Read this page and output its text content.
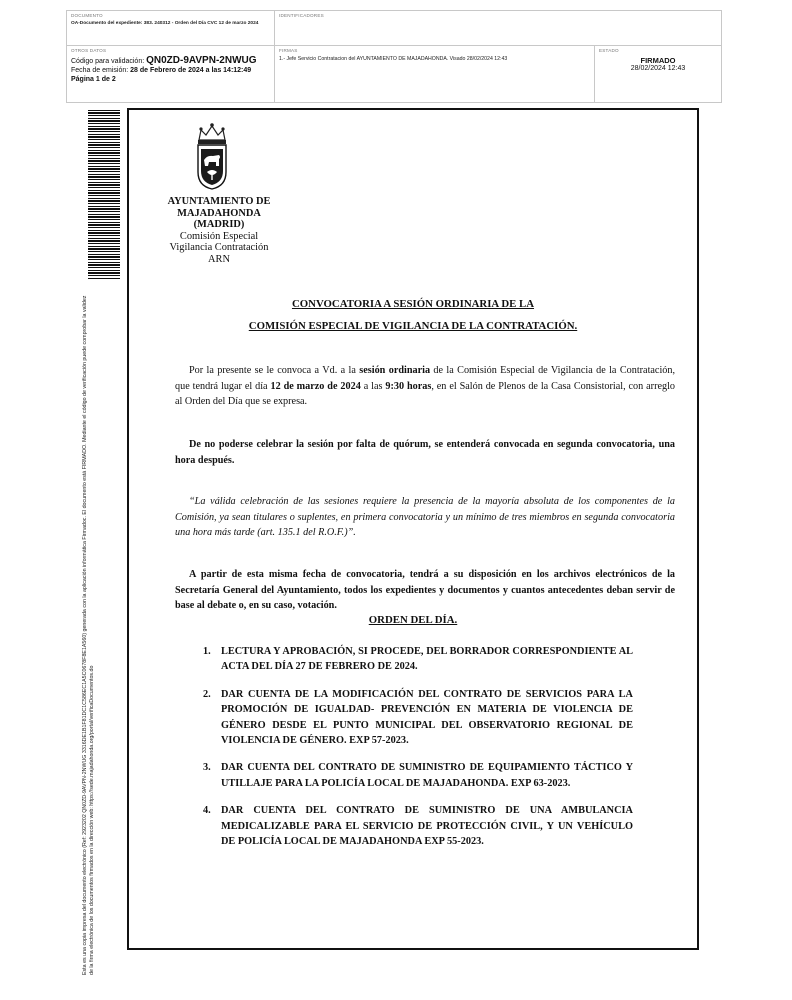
DOCUMENTO
OA-Documento del expediente: 383. 240312 - Orden del Día CVC 12 de marzo 2024
IDENTIFICADORES
OTROS DATOS
Código para validación: QN0ZD-9AVPN-2NWUG
Fecha de emisión: 28 de Febrero de 2024 a las 14:12:49
Página 1 de 2
FIRMAS
1.- Jefe Servicio Contratacion del AYUNTAMIENTO DE MAJADAHONDA. Visado 28/02/2024 12:43
ESTADO
FIRMADO
28/02/2024 12:43
Esta es una copia impresa del documento electrónico (Ref: 2923202 QN0ZD-9AVPN-2NWUG 3316DE1B1F81DC1C586EC1A5C0678F8E1A560) generada con la aplicación informática Firmadoc. El documento está FIRMADO. Mediante el código de verificación puede comprobar la validez de la firma electrónica de los documentos firmados en la dirección web: https://sede.majadahonda.org/portal/verificaDocumentos.do
AYUNTAMIENTO DE
MAJADAHONDA
(MADRID)
Comisión Especial
Vigilancia Contratación
ARN
CONVOCATORIA A SESIÓN ORDINARIA DE LA
COMISIÓN ESPECIAL DE VIGILANCIA DE LA CONTRATACIÓN.
Por la presente se le convoca a Vd. a la sesión ordinaria de la Comisión Especial de Vigilancia de la Contratación, que tendrá lugar el día 12 de marzo de 2024 a las 9:30 horas, en el Salón de Plenos de la Casa Consistorial, con arreglo al Orden del Día que se expresa.
De no poderse celebrar la sesión por falta de quórum, se entenderá convocada en segunda convocatoria, una hora después.
“La válida celebración de las sesiones requiere la presencia de la mayoría absoluta de los componentes de la Comisión, ya sean titulares o suplentes, en primera convocatoria y un mínimo de tres miembros en segunda convocatoria una hora más tarde (art. 135.1 del R.O.F.)”.
A partir de esta misma fecha de convocatoria, tendrá a su disposición en los archivos electrónicos de la Secretaría General del Ayuntamiento, todos los expedientes y documentos y cuantos antecedentes deban servir de base al debate o, en su caso, votación.
ORDEN DEL DÍA.
1. LECTURA Y APROBACIÓN, SI PROCEDE, DEL BORRADOR CORRESPONDIENTE AL ACTA DEL DÍA 27 DE FEBRERO DE 2024.
2. DAR CUENTA DE LA MODIFICACIÓN DEL CONTRATO DE SERVICIOS PARA LA PROMOCIÓN DE IGUALDAD- PREVENCIÓN EN MATERIA DE VIOLENCIA DE GÉNERO DESDE EL PUNTO MUNICIPAL DEL OBSERVATORIO REGIONAL DE VIOLENCIA DE GÉNERO. EXP 57-2023.
3. DAR CUENTA DEL CONTRATO DE SUMINISTRO DE EQUIPAMIENTO TÁCTICO Y UTILLAJE PARA LA POLICÍA LOCAL DE MAJADAHONDA. EXP 63-2023.
4. DAR CUENTA DEL CONTRATO DE SUMINISTRO DE UNA AMBULANCIA MEDICALIZABLE PARA EL SERVICIO DE PROTECCIÓN CIVIL, Y UN VEHÍCULO DE POLICÍA LOCAL DE MAJADAHONDA EXP 55-2023.
